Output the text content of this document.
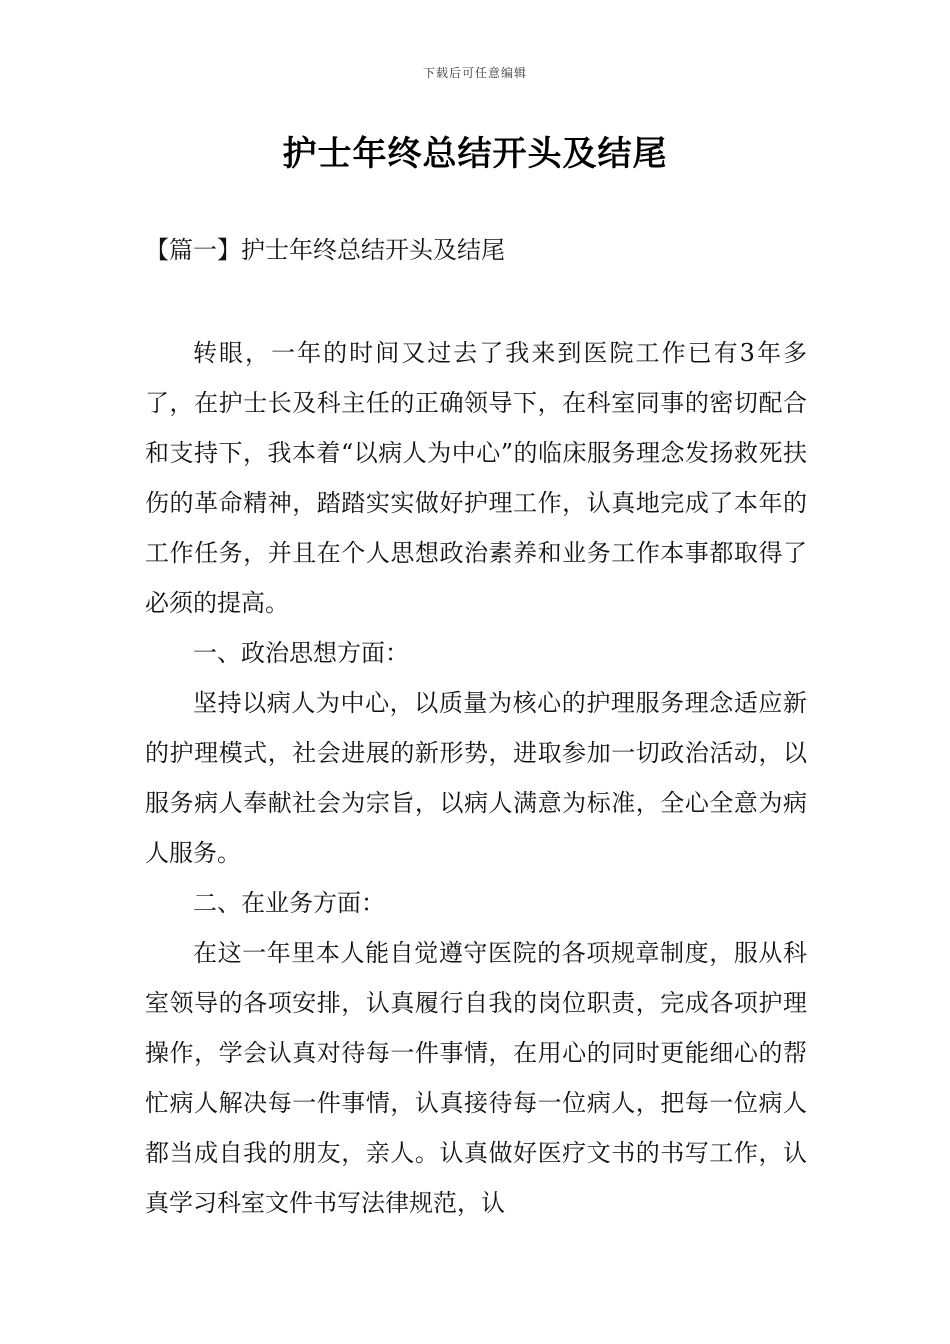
下载后可任意编辑
护士年终总结开头及结尾
【篇一】护士年终总结开头及结尾

转眼，一年的时间又过去了我来到医院工作已有3年多了，在护士长及科主任的正确领导下，在科室同事的密切配合和支持下，我本着“以病人为中心”的临床服务理念发扬救死扶伤的革命精神，踏踏实实做好护理工作，认真地完成了本年的工作任务，并且在个人思想政治素养和业务工作本事都取得了必须的提高。

一、政治思想方面：

坚持以病人为中心，以质量为核心的护理服务理念适应新的护理模式，社会进展的新形势，进取参加一切政治活动，以服务病人奉献社会为宗旨，以病人满意为标准，全心全意为病人服务。

二、在业务方面：

在这一年里本人能自觉遵守医院的各项规章制度，服从科室领导的各项安排，认真履行自我的岗位职责，完成各项护理操作，学会认真对待每一件事情，在用心的同时更能细心的帮忙病人解决每一件事情，认真接待每一位病人，把每一位病人都当成自我的朋友，亲人。认真做好医疗文书的书写工作，认真学习科室文件书写法律规范，认
